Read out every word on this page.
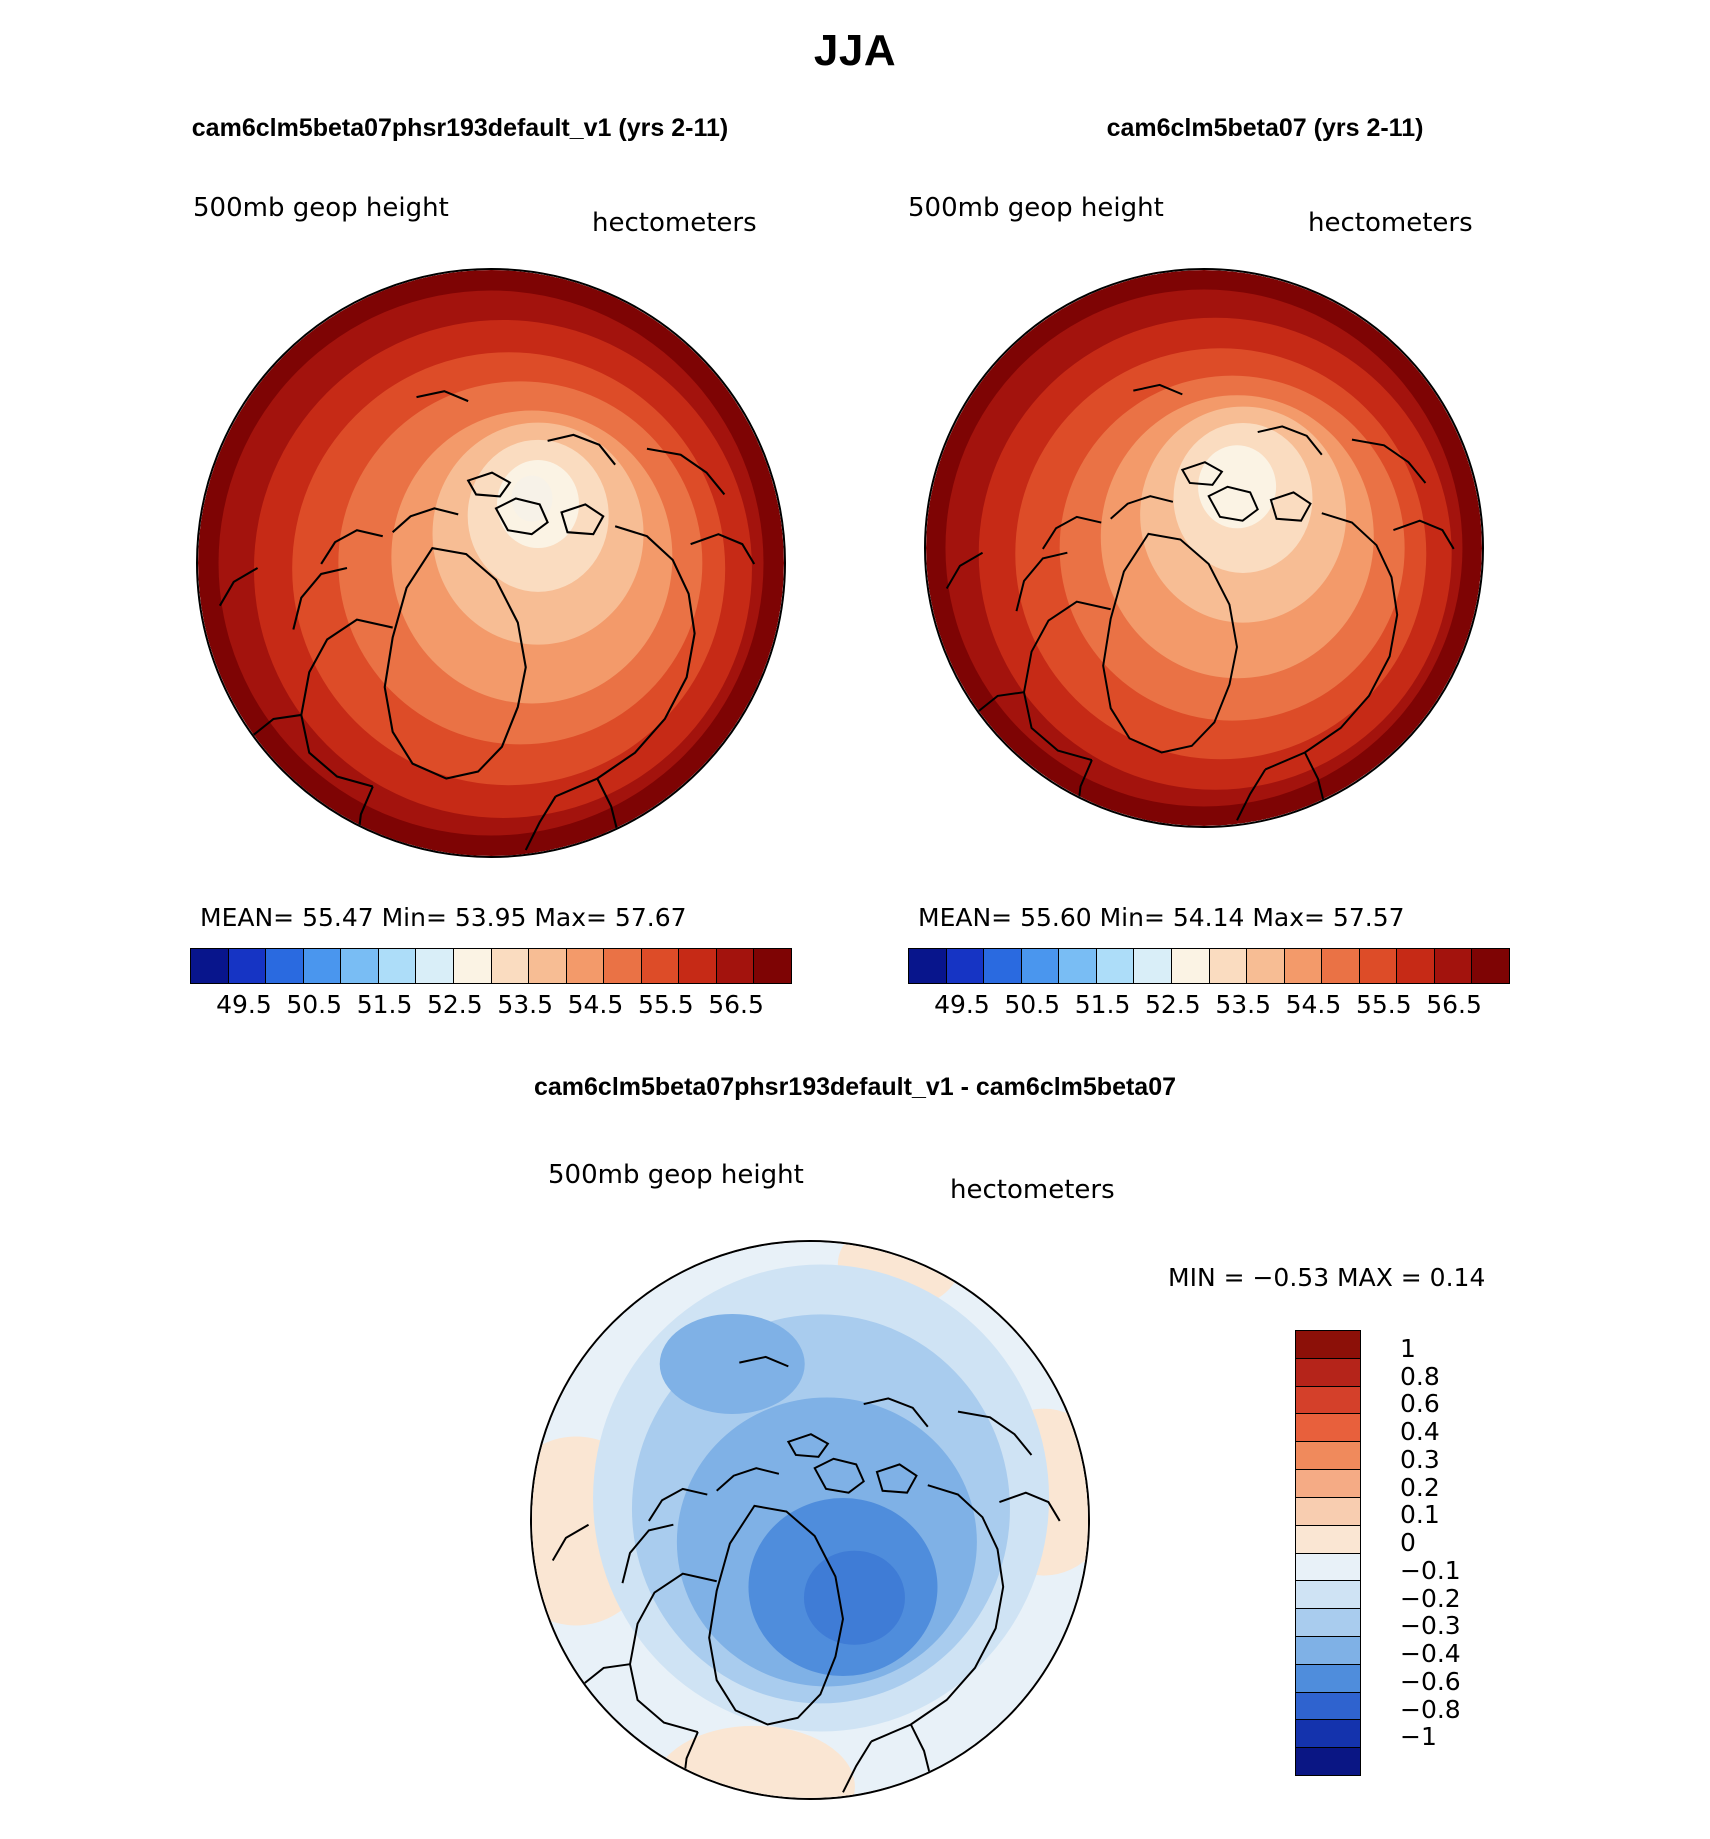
JJA
cam6clm5beta07phsr193default_v1 (yrs 2-11)	cam6clm5beta07 (yrs 2-11)
500mb geop height	hectometers	500mb geop height	hectometers
MEAN= 55.47 Min= 53.95 Max= 57.67	MEAN= 55.60 Min= 54.14 Max= 57.57
49.5 50.5 51.5 52.5 53.5 54.5 55.5 56.5	49.5 50.5 51.5 52.5 53.5 54.5 55.5 56.5
cam6clm5beta07phsr193default_v1 - cam6clm5beta07
500mb geop height	hectometers
MIN = −0.53 MAX = 0.14
1
0.8
0.6
0.4
0.3
0.2
0.1
0
−0.1
−0.2
−0.3
−0.4
−0.6
−0.8
−1
